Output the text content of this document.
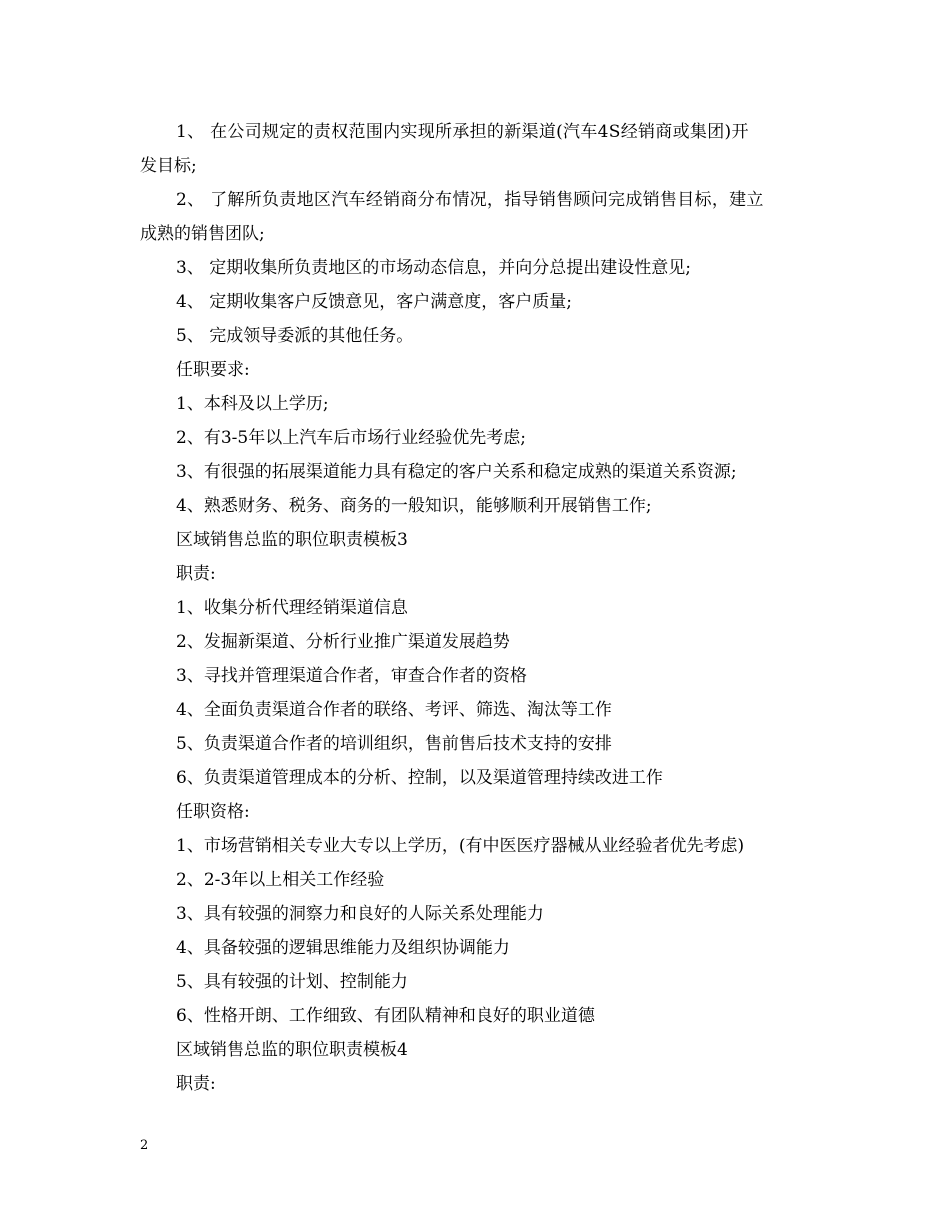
1、 在公司规定的责权范围内实现所承担的新渠道(汽车4S经销商或集团)开
发目标;
2、 了解所负责地区汽车经销商分布情况，指导销售顾问完成销售目标，建立
成熟的销售团队;
3、 定期收集所负责地区的市场动态信息，并向分总提出建设性意见;
4、 定期收集客户反馈意见，客户满意度，客户质量;
5、 完成领导委派的其他任务。
任职要求:
1、本科及以上学历;
2、有3-5年以上汽车后市场行业经验优先考虑;
3、有很强的拓展渠道能力具有稳定的客户关系和稳定成熟的渠道关系资源;
4、熟悉财务、税务、商务的一般知识，能够顺利开展销售工作;
区域销售总监的职位职责模板3
职责:
1、收集分析代理经销渠道信息
2、发掘新渠道、分析行业推广渠道发展趋势
3、寻找并管理渠道合作者，审查合作者的资格
4、全面负责渠道合作者的联络、考评、筛选、淘汰等工作
5、负责渠道合作者的培训组织，售前售后技术支持的安排
6、负责渠道管理成本的分析、控制，以及渠道管理持续改进工作
任职资格:
1、市场营销相关专业大专以上学历，(有中医医疗器械从业经验者优先考虑)
2、2-3年以上相关工作经验
3、具有较强的洞察力和良好的人际关系处理能力
4、具备较强的逻辑思维能力及组织协调能力
5、具有较强的计划、控制能力
6、性格开朗、工作细致、有团队精神和良好的职业道德
区域销售总监的职位职责模板4
职责:
2
